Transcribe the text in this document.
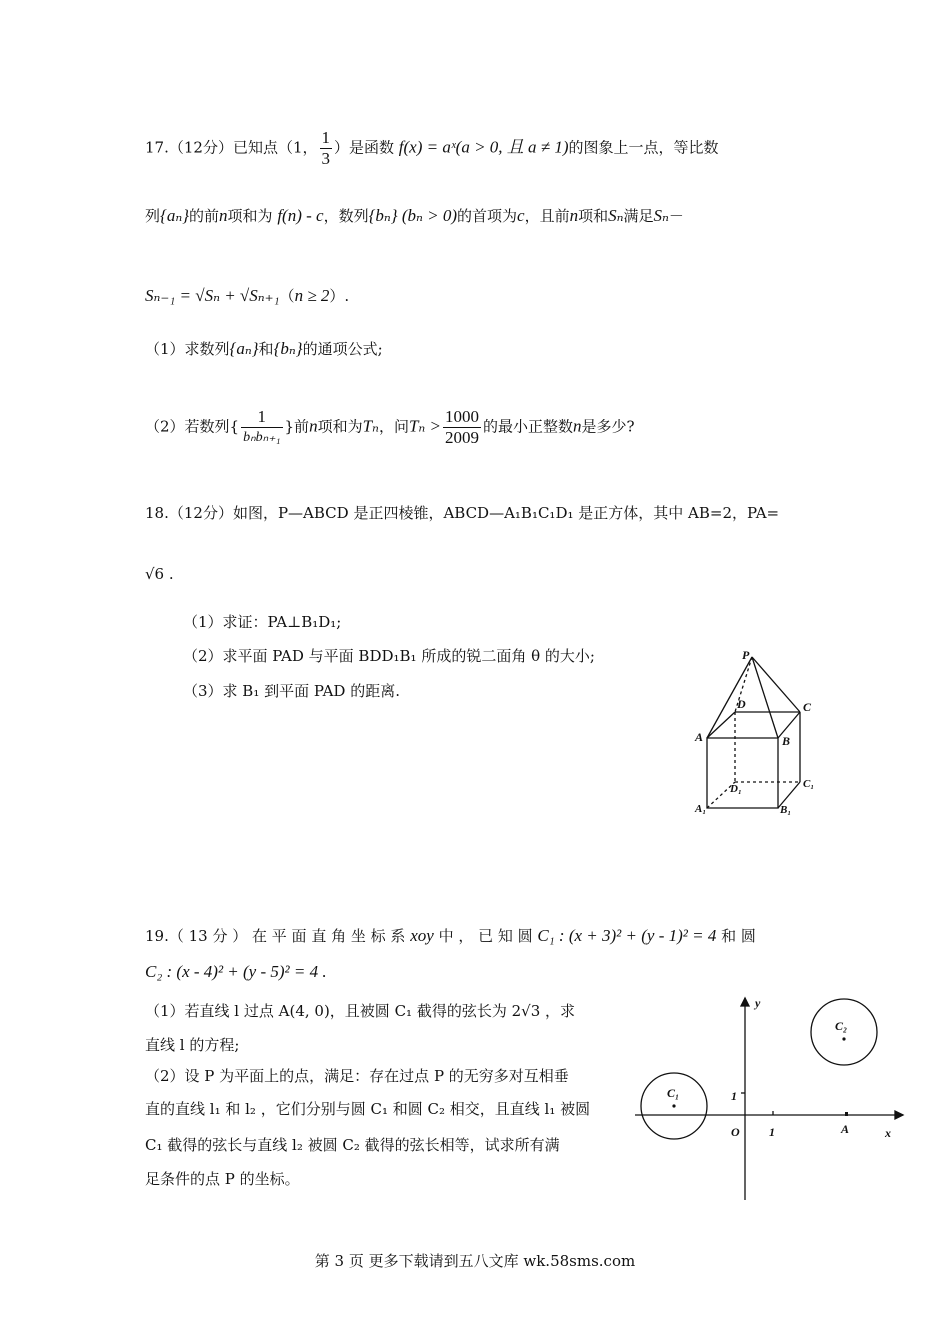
17.（12分）已知点（1， $\frac{1}{3}$ ）是函数 f(x) = aˣ(a > 0, 且 a ≠ 1)的图象上一点，等比数
列{aₙ}的前n项和为 f(n) - c，数列{bₙ} (bₙ > 0)的首项为c，且前n项和Sₙ满足Sₙ－
Sₙ₋₁ = √Sₙ + √Sₙ₊₁（n ≥ 2）.
（1）求数列{aₙ}和{bₙ}的通项公式;
（2）若数列{ $\frac{1}{\text{bₙbₙ₊₁}}$ }前n项和为Tₙ，问$T_n > \frac{1000}{2009}$ 的最小正整数n是多少?
18.（12分）如图，P—ABCD 是正四棱锥，ABCD—A₁B₁C₁D₁ 是正方体，其中 AB=2，PA=
√6 .
（1）求证：PA⊥B₁D₁;
（2）求平面 PAD 与平面 BDD₁B₁ 所成的锐二面角 θ 的大小;
（3）求 B₁ 到平面 PAD 的距离.
P
D	C
A	B
D₁	C₁
A₁	B₁
19.（ 13 分 ） 在 平 面 直 角 坐 标 系 xoy 中 ， 已 知 圆 C₁ : (x + 3)² + (y - 1)² = 4 和 圆
C₂ : (x - 4)² + (y - 5)² = 4 .
（1）若直线 l 过点 A(4, 0)，且被圆 C₁ 截得的弦长为 2√3 ，求
直线 l 的方程;
（2）设 P 为平面上的点，满足：存在过点 P 的无穷多对互相垂
直的直线 l₁ 和 l₂ ，它们分别与圆 C₁ 和圆 C₂ 相交，且直线 l₁ 被圆
C₁ 截得的弦长与直线 l₂ 被圆 C₂ 截得的弦长相等，试求所有满
足条件的点 P 的坐标。
y
x
O 1
1
A
C₁
C₂
第 3 页 更多下载请到五八文库 wk.58sms.com
